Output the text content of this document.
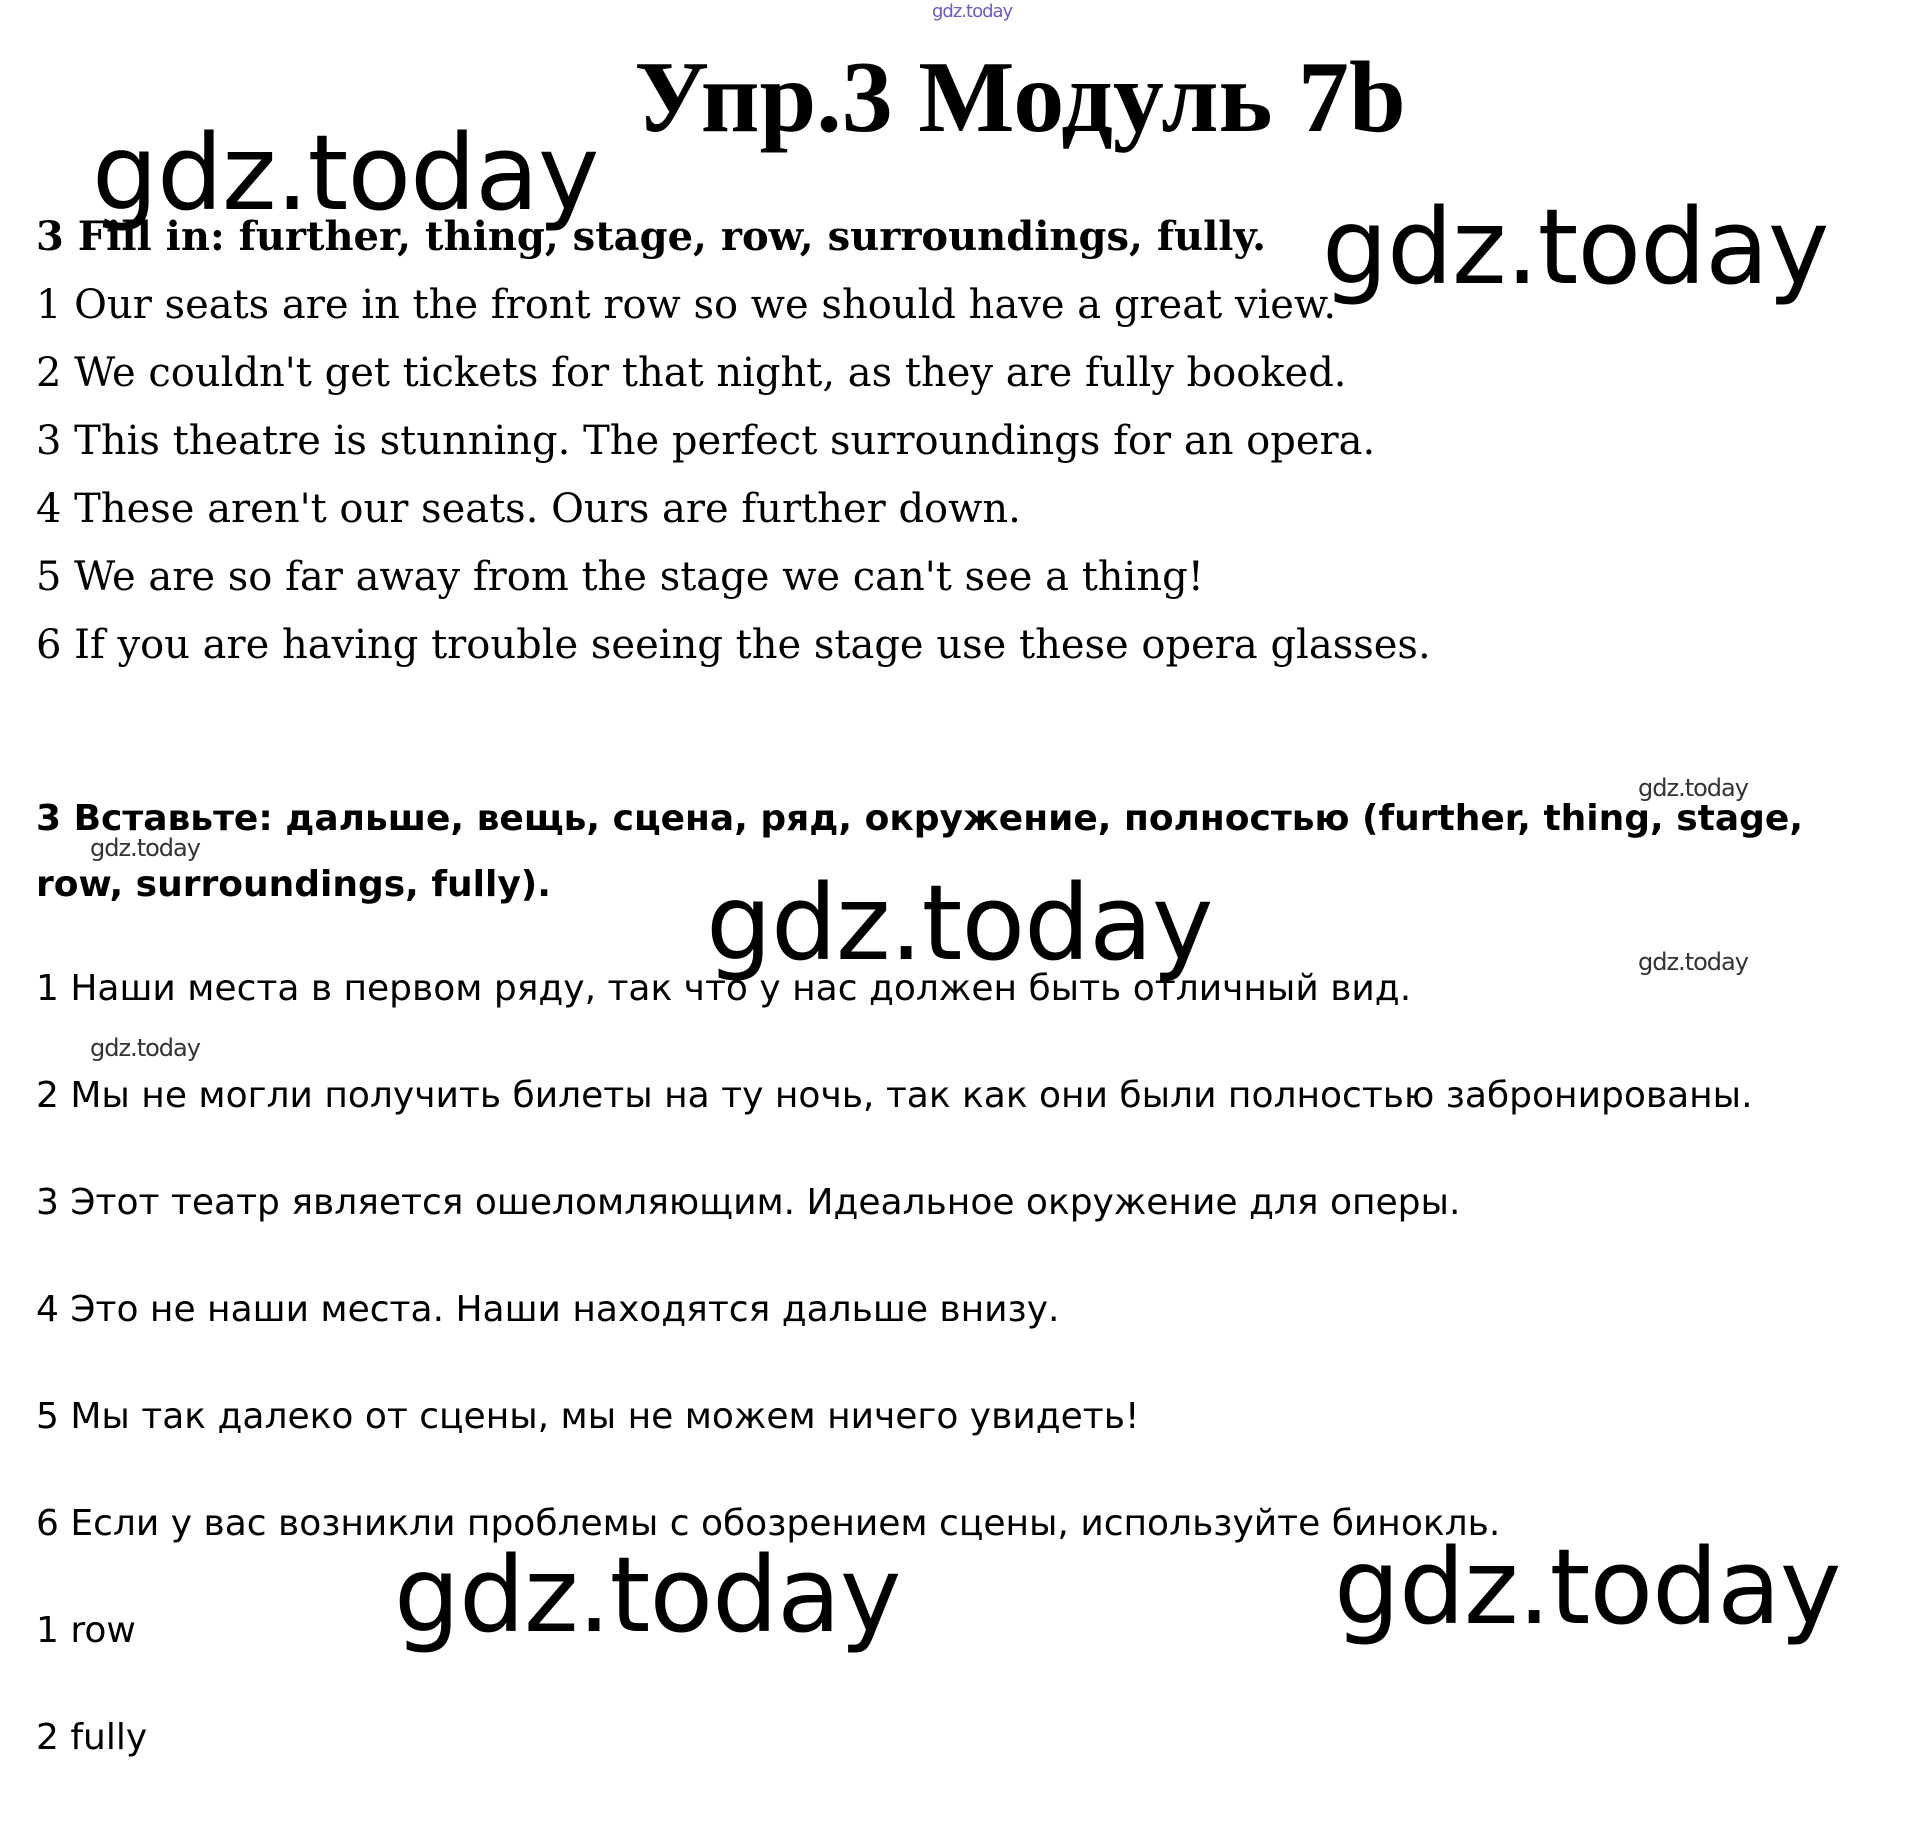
gdz.today
Упр.3 Модуль 7b
gdz.today
gdz.today
gdz.today
gdz.today	gdz.today
3 Fill in: further, thing, stage, row, surroundings, fully.
1 Our seats are in the front row so we should have a great view.
2 We couldn't get tickets for that night, as they are fully booked.
3 This theatre is stunning. The perfect surroundings for an opera.
4 These aren't our seats. Ours are further down.
5 We are so far away from the stage we can't see a thing!
6 If you are having trouble seeing the stage use these opera glasses.
gdz.today
gdz.today
gdz.today
gdz.today

3 Вставьте: дальше, вещь, сцена, ряд, окружение, полностью (further, thing, stage, row, surroundings, fully).

1 Наши места в первом ряду, так что у нас должен быть отличный вид.
2 Мы не могли получить билеты на ту ночь, так как они были полностью забронированы.
3 Этот театр является ошеломляющим. Идеальное окружение для оперы.
4 Это не наши места. Наши находятся дальше внизу.
5 Мы так далеко от сцены, мы не можем ничего увидеть!
6 Если у вас возникли проблемы с обозрением сцены, используйте бинокль.
1 row
2 fully
